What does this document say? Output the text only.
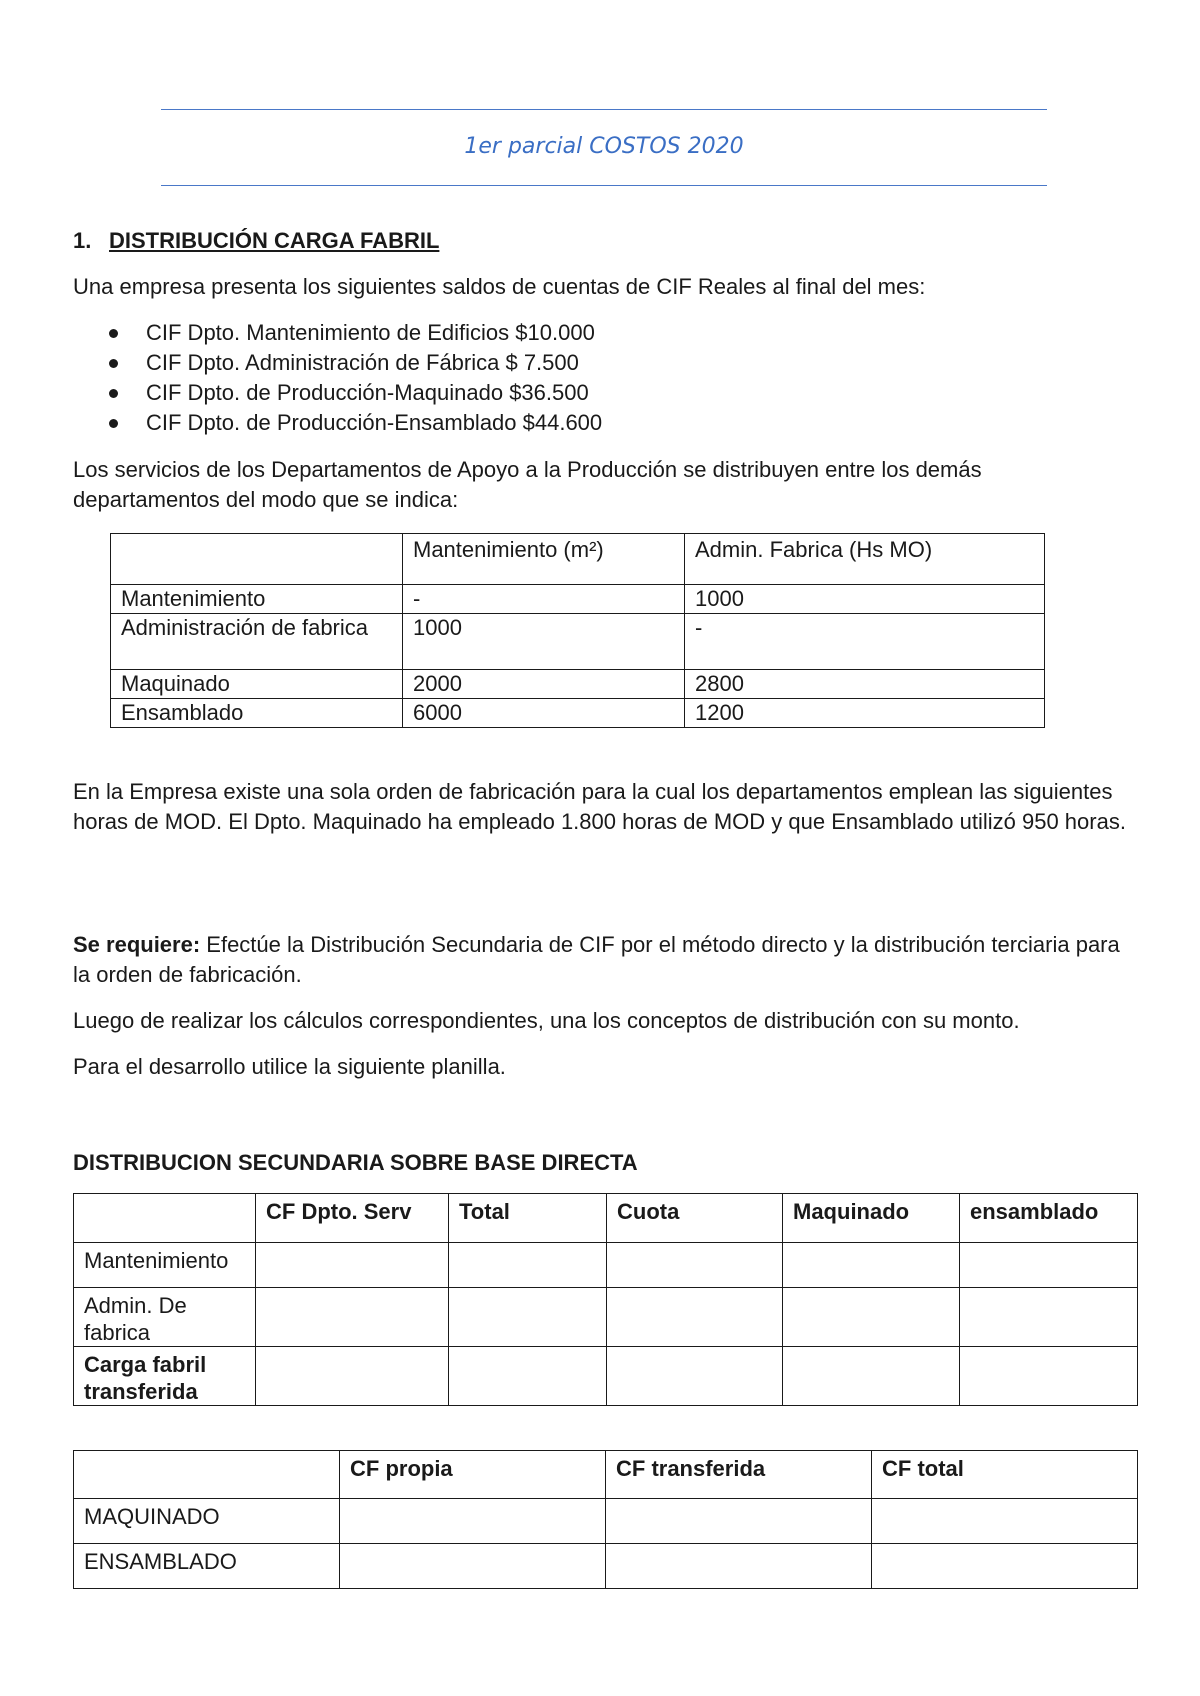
1er parcial COSTOS 2020
1. DISTRIBUCIÓN CARGA FABRIL

Una empresa presenta los siguientes saldos de cuentas de CIF Reales al final del mes:

CIF Dpto. Mantenimiento de Edificios $10.000
CIF Dpto. Administración de Fábrica $ 7.500
CIF Dpto. de Producción-Maquinado $36.500
CIF Dpto. de Producción-Ensamblado $44.600

Los servicios de los Departamentos de Apoyo a la Producción se distribuyen entre los demás departamentos del modo que se indica:

	Mantenimiento (m²)	Admin. Fabrica (Hs MO)
Mantenimiento	-	1000
Administración de fabrica	1000	-
Maquinado	2000	2800
Ensamblado	6000	1200

En la Empresa existe una sola orden de fabricación para la cual los departamentos emplean las siguientes horas de MOD. El Dpto. Maquinado ha empleado 1.800 horas de MOD y que Ensamblado utilizó 950 horas.

Se requiere: Efectúe la Distribución Secundaria de CIF por el método directo y la distribución terciaria para la orden de fabricación.

Luego de realizar los cálculos correspondientes, una los conceptos de distribución con su monto.

Para el desarrollo utilice la siguiente planilla.

DISTRIBUCION SECUNDARIA SOBRE BASE DIRECTA
	CF Dpto. Serv	Total	Cuota	Maquinado	ensamblado
Mantenimiento					
Admin. De fabrica					
Carga fabril transferida					
	CF propia	CF transferida	CF total
MAQUINADO			
ENSAMBLADO			
